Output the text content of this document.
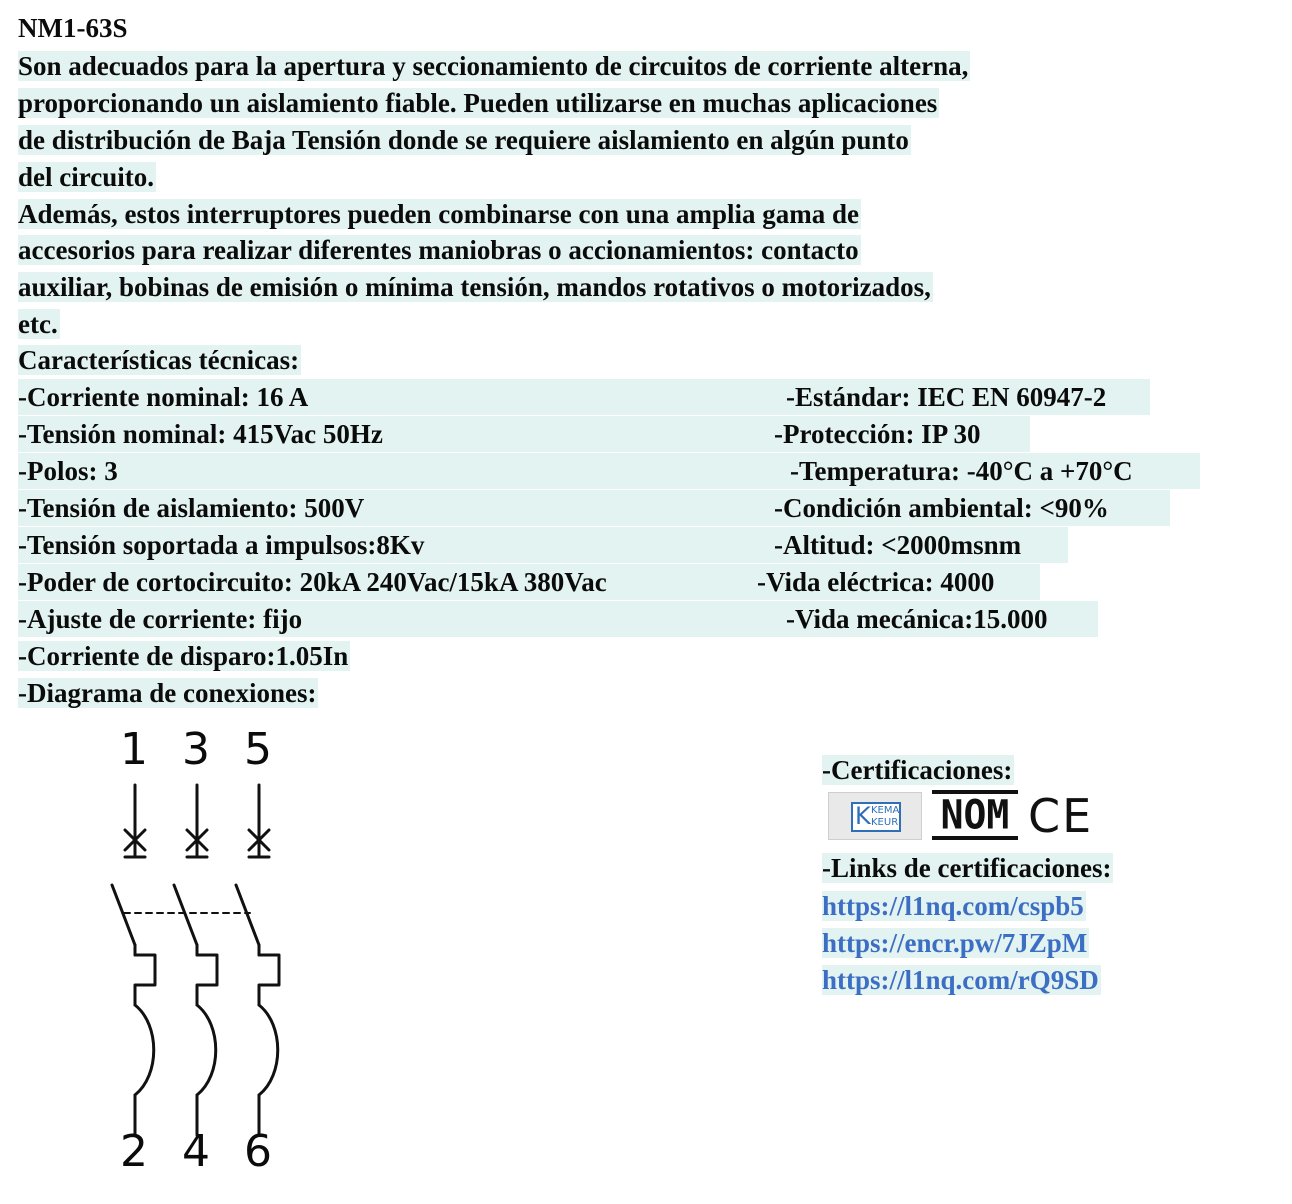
NM1-63S
Son adecuados para la apertura y seccionamiento de circuitos de corriente alterna,
proporcionando un aislamiento fiable. Pueden utilizarse en muchas aplicaciones
de distribución de Baja Tensión donde se requiere aislamiento en algún punto
del circuito.
Además, estos interruptores pueden combinarse con una amplia gama de
accesorios para realizar diferentes maniobras o accionamientos: contacto
auxiliar, bobinas de emisión o mínima tensión, mandos rotativos o motorizados,
etc.
Características técnicas:
-Corriente nominal: 16 A
-Tensión nominal: 415Vac 50Hz
-Polos: 3
-Tensión de aislamiento: 500V
-Tensión soportada a impulsos:8Kv
-Poder de cortocircuito: 20kA 240Vac/15kA 380Vac
-Ajuste de corriente: fijo
-Corriente de disparo:1.05In
-Diagrama de conexiones:
-Estándar: IEC EN 60947-2
-Protección: IP 30
-Temperatura: -40°C a +70°C
-Condición ambiental: <90%
-Altitud: <2000msnm
-Vida eléctrica: 4000
-Vida mecánica:15.000
1 3 5
2 4 6
-Certificaciones:
K KEMA
KEUR NOM CE
-Links de certificaciones:
https://l1nq.com/cspb5
https://encr.pw/7JZpM
https://l1nq.com/rQ9SD
